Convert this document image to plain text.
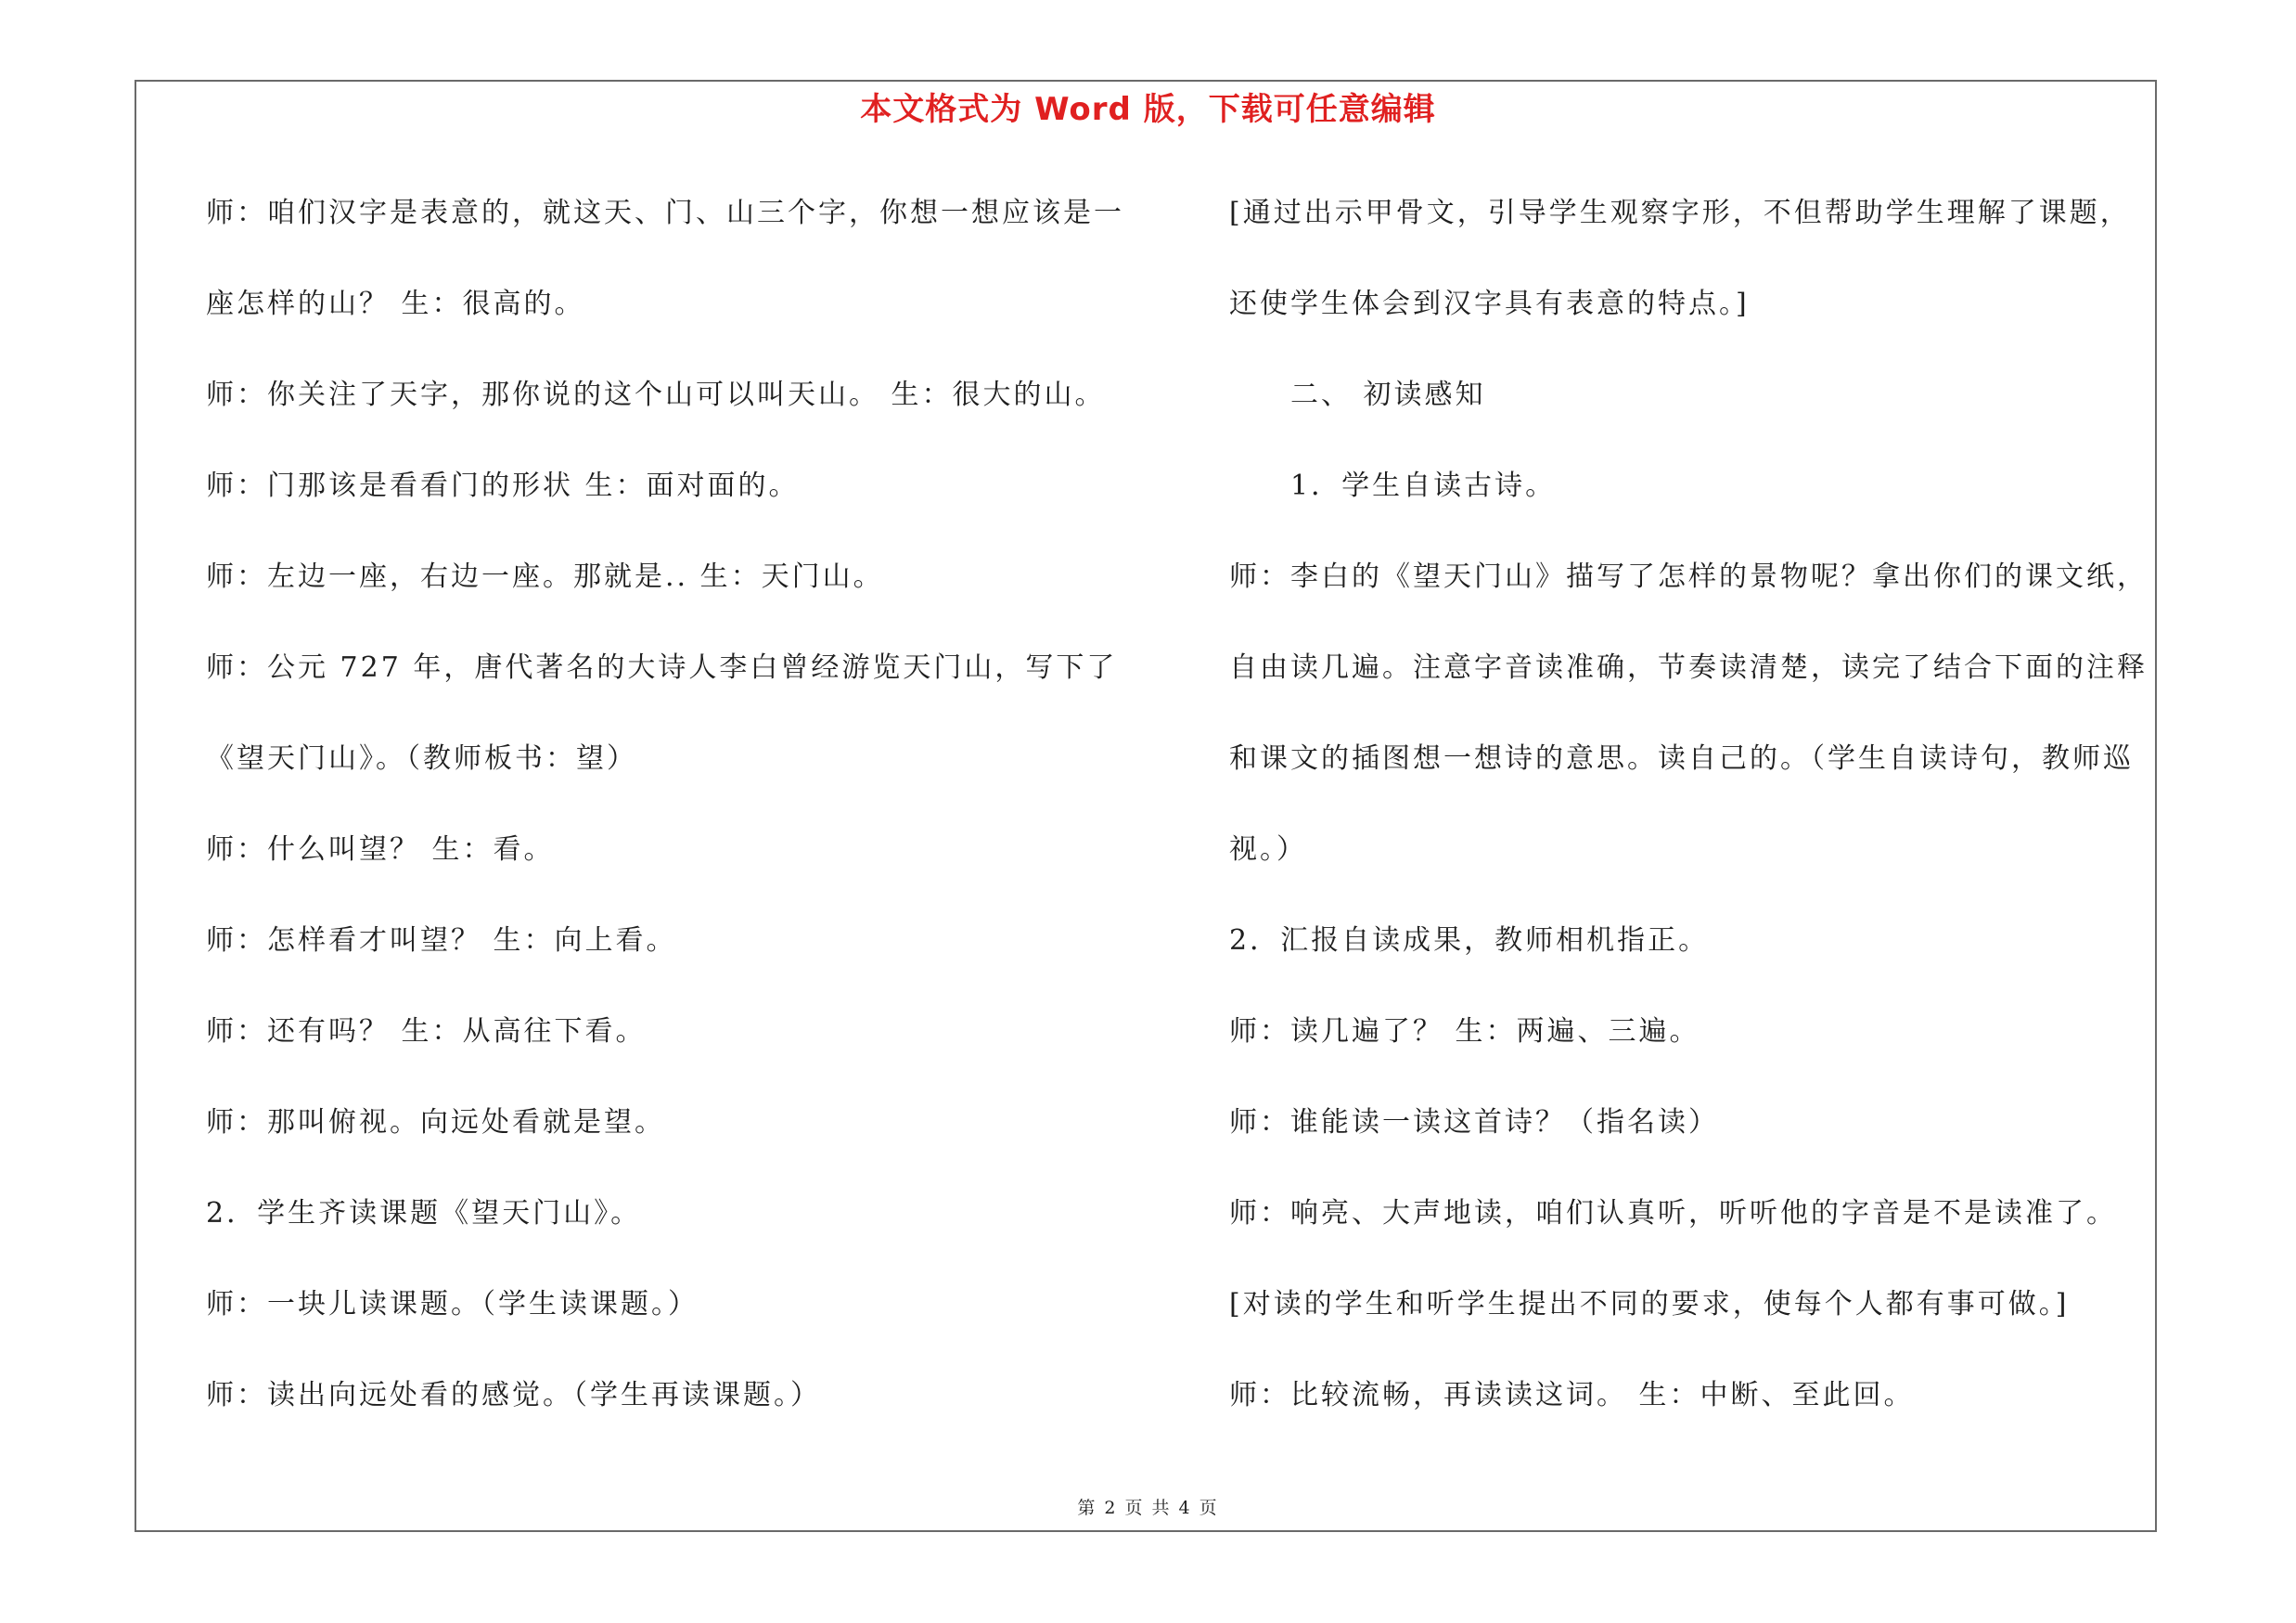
本文格式为 Word 版，下载可任意编辑
师：咱们汉字是表意的，就这天、门、山三个字，你想一想应该是一
座怎样的山？ 生：很高的。
师：你关注了天字，那你说的这个山可以叫天山。 生：很大的山。
师：门那该是看看门的形状 生：面对面的。
师：左边一座，右边一座。那就是.. 生：天门山。
师：公元 727 年，唐代著名的大诗人李白曾经游览天门山，写下了
《望天门山》。（教师板书：望）
师：什么叫望？ 生：看。
师：怎样看才叫望？ 生：向上看。
师：还有吗？ 生：从高往下看。
师：那叫俯视。向远处看就是望。
2．学生齐读课题《望天门山》。
师：一块儿读课题。（学生读课题。）
师：读出向远处看的感觉。（学生再读课题。）
[通过出示甲骨文，引导学生观察字形，不但帮助学生理解了课题，
还使学生体会到汉字具有表意的特点。]
二、 初读感知
1．学生自读古诗。
师：李白的《望天门山》描写了怎样的景物呢？拿出你们的课文纸，
自由读几遍。注意字音读准确，节奏读清楚，读完了结合下面的注释
和课文的插图想一想诗的意思。读自己的。（学生自读诗句，教师巡
视。）
2．汇报自读成果，教师相机指正。
师：读几遍了？ 生：两遍、三遍。
师：谁能读一读这首诗？（指名读）
师：响亮、大声地读，咱们认真听，听听他的字音是不是读准了。
[对读的学生和听学生提出不同的要求，使每个人都有事可做。]
师：比较流畅，再读读这词。 生：中断、至此回。
第 2 页 共 4 页
